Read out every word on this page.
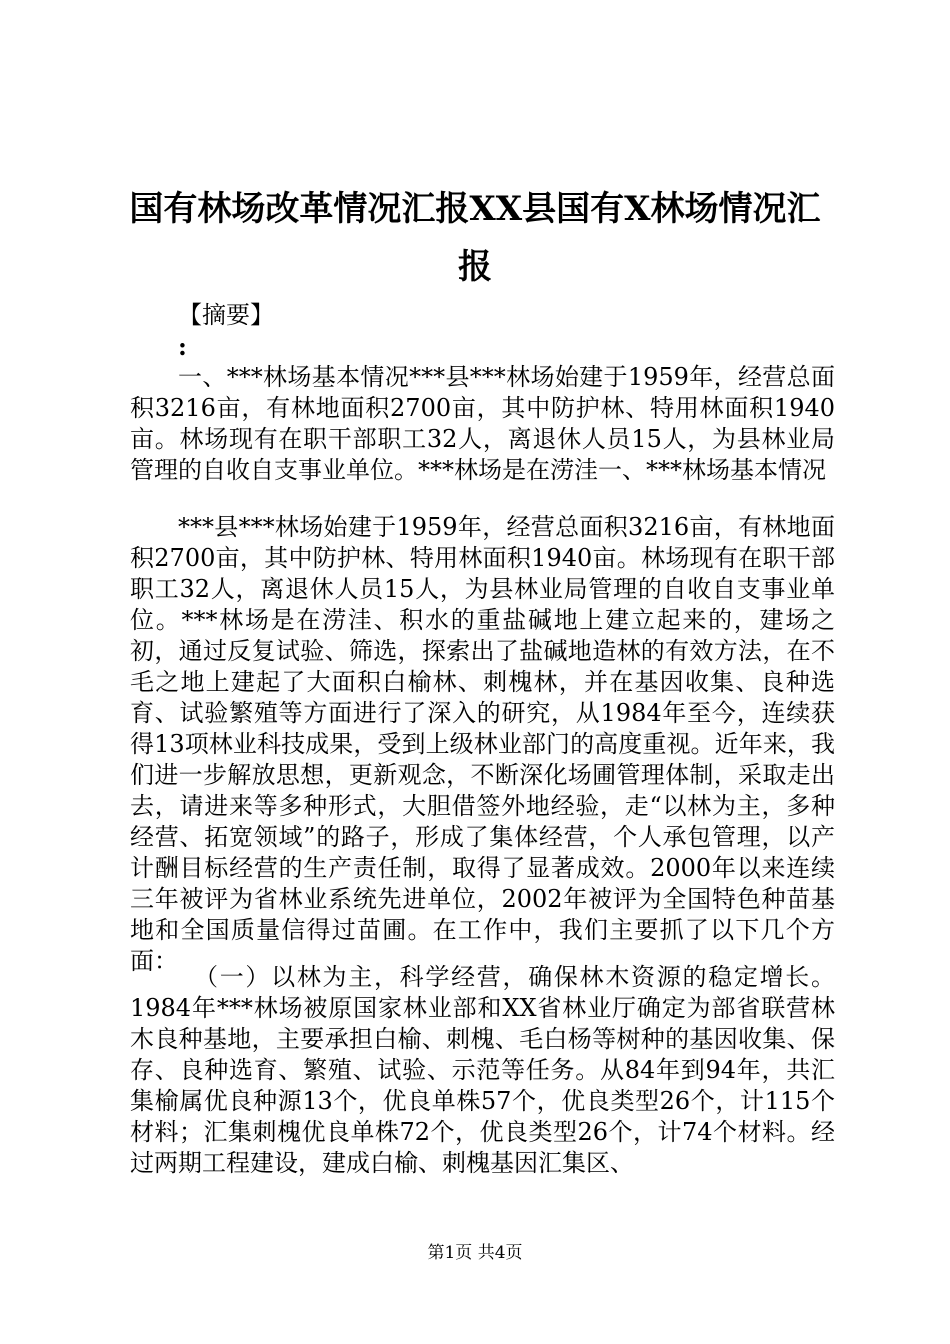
国有林场改革情况汇报XX县国有X林场情况汇报
【摘要】
:

一、***林场基本情况***县***林场始建于1959年，经营总面积3216亩，有林地面积2700亩，其中防护林、特用林面积1940亩。林场现有在职干部职工32人，离退休人员15人，为县林业局管理的自收自支事业单位。***林场是在涝洼一、***林场基本情况

***县***林场始建于1959年，经营总面积3216亩，有林地面积2700亩，其中防护林、特用林面积1940亩。林场现有在职干部职工32人，离退休人员15人，为县林业局管理的自收自支事业单位。***林场是在涝洼、积水的重盐碱地上建立起来的，建场之初，通过反复试验、筛选，探索出了盐碱地造林的有效方法，在不毛之地上建起了大面积白榆林、刺槐林，并在基因收集、良种选育、试验繁殖等方面进行了深入的研究，从1984年至今，连续获得13项林业科技成果，受到上级林业部门的高度重视。近年来，我们进一步解放思想，更新观念，不断深化场圃管理体制，采取走出去，请进来等多种形式，大胆借签外地经验，走“以林为主，多种经营、拓宽领域”的路子，形成了集体经营，个人承包管理，以产计酬目标经营的生产责任制，取得了显著成效。2000年以来连续三年被评为省林业系统先进单位，2002年被评为全国特色种苗基地和全国质量信得过苗圃。在工作中，我们主要抓了以下几个方面：

（一）以林为主，科学经营，确保林木资源的稳定增长。1984年***林场被原国家林业部和XX省林业厅确定为部省联营林木良种基地，主要承担白榆、刺槐、毛白杨等树种的基因收集、保存、良种选育、繁殖、试验、示范等任务。从84年到94年，共汇集榆属优良种源13个，优良单株57个，优良类型26个，计115个材料；汇集刺槐优良单株72个，优良类型26个，计74个材料。经过两期工程建设，建成白榆、刺槐基因汇集区、

第1页 共4页
